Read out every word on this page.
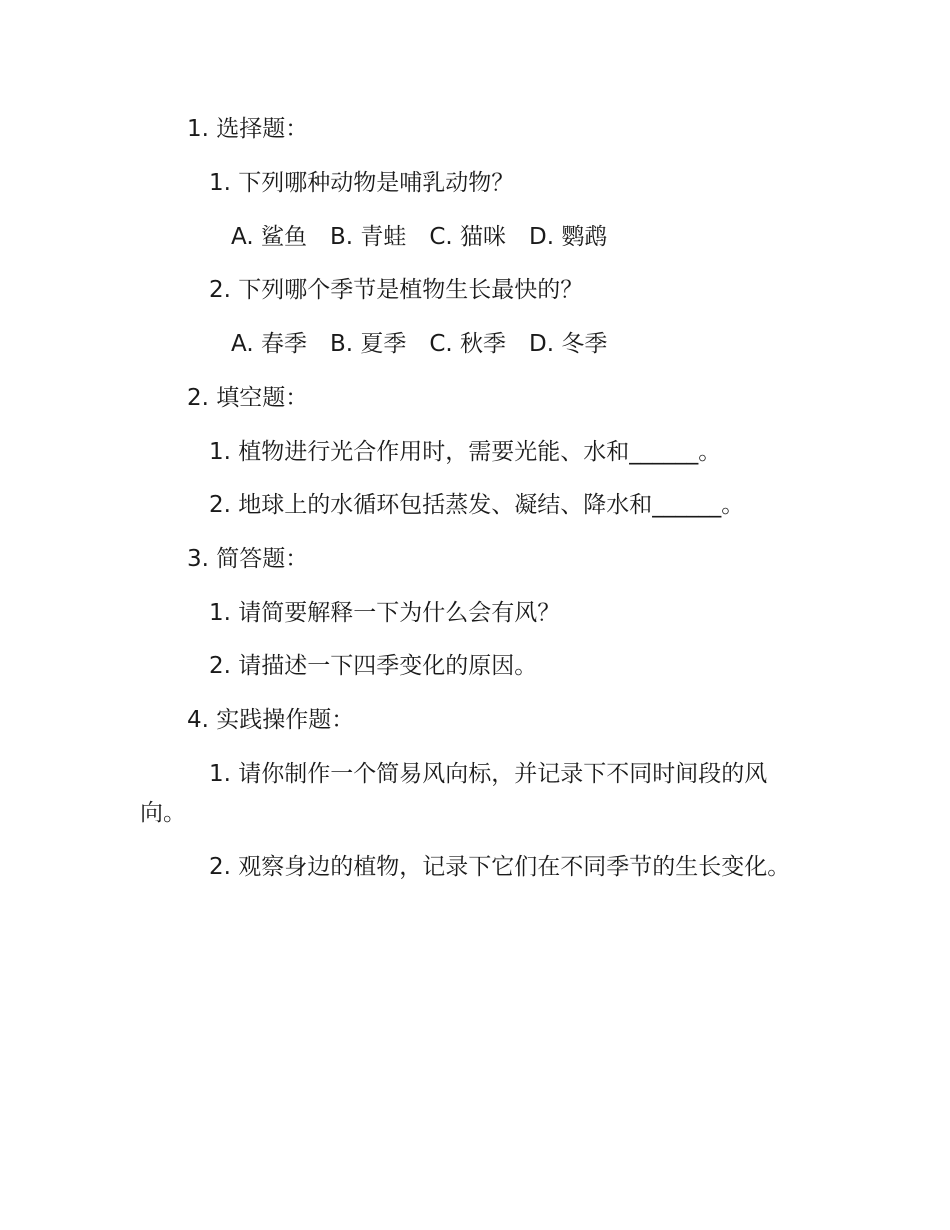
1. 选择题：
1. 下列哪种动物是哺乳动物？
A. 鲨鱼　B. 青蛙　C. 猫咪　D. 鹦鹉
2. 下列哪个季节是植物生长最快的？
A. 春季　B. 夏季　C. 秋季　D. 冬季
2. 填空题：
1. 植物进行光合作用时，需要光能、水和______。
2. 地球上的水循环包括蒸发、凝结、降水和______。
3. 简答题：
1. 请简要解释一下为什么会有风？
2. 请描述一下四季变化的原因。
4. 实践操作题：
1. 请你制作一个简易风向标，并记录下不同时间段的风
向。
2. 观察身边的植物，记录下它们在不同季节的生长变化。
